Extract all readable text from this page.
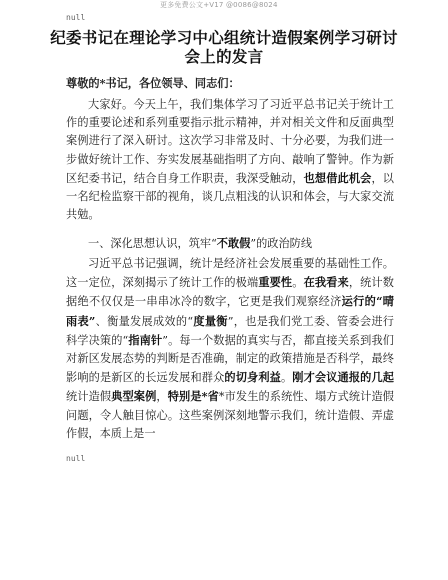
更多免费公文+V17 @0086@8024
null
纪委书记在理论学习中心组统计造假案例学习研讨会上的发言
尊敬的*书记，各位领导、同志们：
大家好。今天上午，我们集体学习了习近平总书记关于统计工作的重要论述和系列重要指示批示精神，并对相关文件和反面典型案例进行了深入研讨。这次学习非常及时、十分必要，为我们进一步做好统计工作、夯实发展基础指明了方向、敲响了警钟。作为新区纪委书记，结合自身工作职责，我深受触动，也想借此机会，以一名纪检监察干部的视角，谈几点粗浅的认识和体会，与大家交流共勉。
一、深化思想认识，筑牢“不敢假”的政治防线
习近平总书记强调，统计是经济社会发展重要的基础性工作。这一定位，深刻揭示了统计工作的极端重要性。在我看来，统计数据绝不仅仅是一串串冰冷的数字，它更是我们观察经济运行的“晴雨表”、衡量发展成效的“度量衡”，也是我们党工委、管委会进行科学决策的“指南针”。每一个数据的真实与否，都直接关系到我们对新区发展态势的判断是否准确，制定的政策措施是否科学，最终影响的是新区的长远发展和群众的切身利益。刚才会议通报的几起统计造假典型案例，特别是*省*市发生的系统性、塌方式统计造假问题，令人触目惊心。这些案例深刻地警示我们，统计造假、弄虚作假，本质上是一
null
